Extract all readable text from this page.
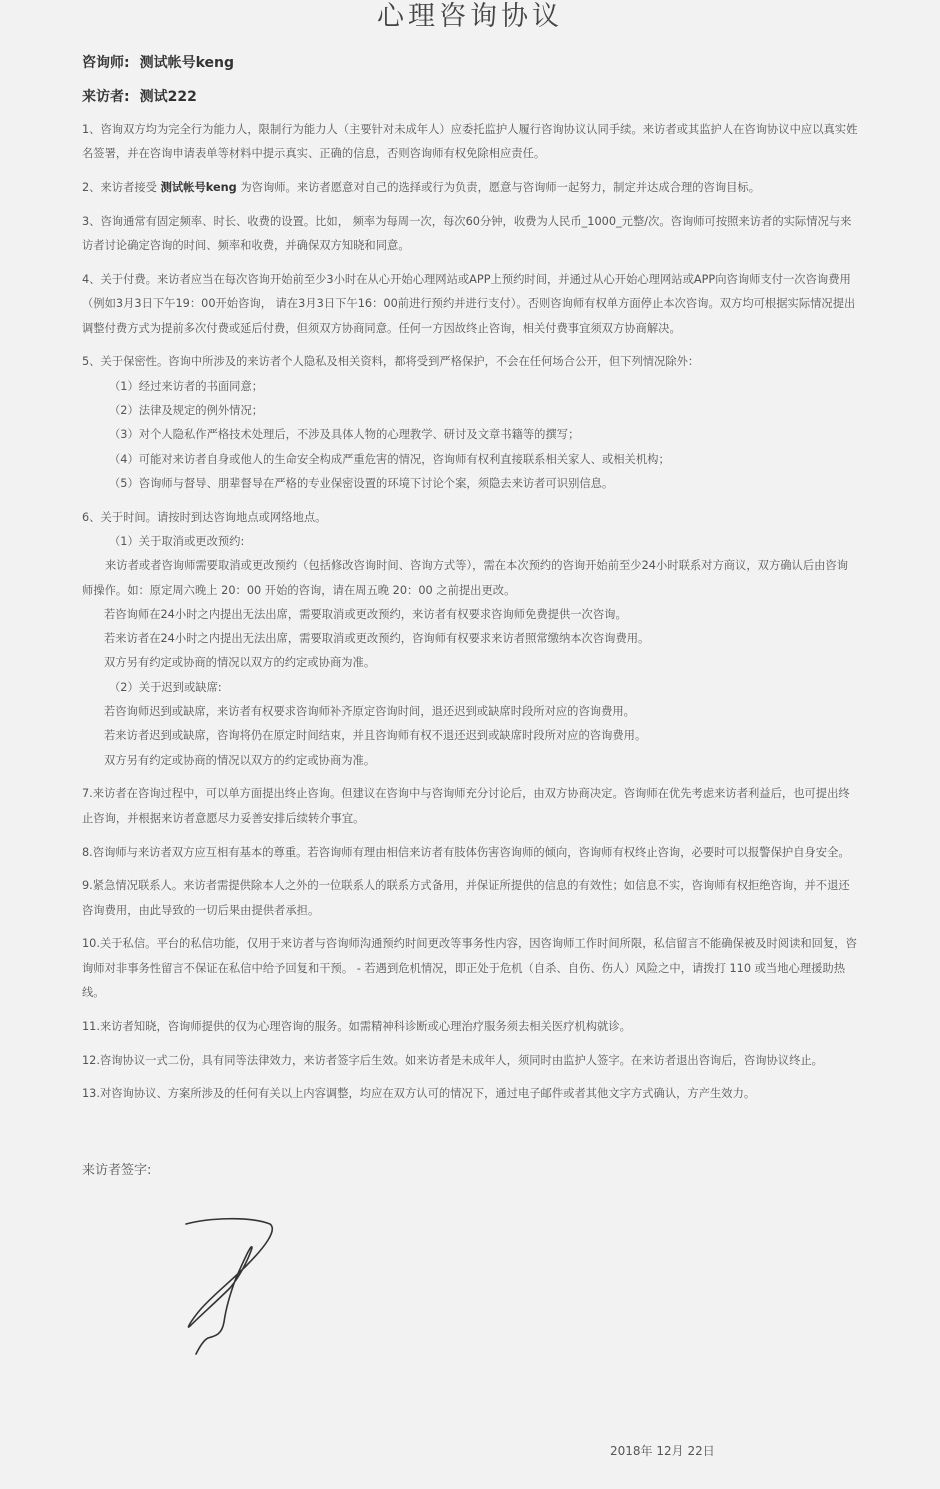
心理咨询协议
咨询师: 测试帐号keng
来访者: 测试222

1、咨询双方均为完全行为能力人，限制行为能力人（主要针对未成年人）应委托监护人履行咨询协议认同手续。来访者或其监护人在咨询协议中应以真实姓名签署，并在咨询申请表单等材料中提示真实、正确的信息，否则咨询师有权免除相应责任。

2、来访者接受 测试帐号keng 为咨询师。来访者愿意对自己的选择或行为负责，愿意与咨询师一起努力，制定并达成合理的咨询目标。

3、咨询通常有固定频率、时长、收费的设置。比如， 频率为每周一次，每次60分钟，收费为人民币_1000_元整/次。咨询师可按照来访者的实际情况与来访者讨论确定咨询的时间、频率和收费，并确保双方知晓和同意。

4、关于付费。来访者应当在每次咨询开始前至少3小时在从心开始心理网站或APP上预约时间，并通过从心开始心理网站或APP向咨询师支付一次咨询费用（例如3月3日下午19：00开始咨询， 请在3月3日下午16：00前进行预约并进行支付）。否则咨询师有权单方面停止本次咨询。双方均可根据实际情况提出调整付费方式为提前多次付费或延后付费，但须双方协商同意。任何一方因故终止咨询，相关付费事宜须双方协商解决。

5、关于保密性。咨询中所涉及的来访者个人隐私及相关资料，都将受到严格保护，不会在任何场合公开，但下列情况除外：

（1）经过来访者的书面同意；

（2）法律及规定的例外情况；

（3）对个人隐私作严格技术处理后，不涉及具体人物的心理教学、研讨及文章书籍等的撰写；

（4）可能对来访者自身或他人的生命安全构成严重危害的情况，咨询师有权利直接联系相关家人、或相关机构；

（5）咨询师与督导、朋辈督导在严格的专业保密设置的环境下讨论个案，须隐去来访者可识别信息。

6、关于时间。请按时到达咨询地点或网络地点。

（1）关于取消或更改预约:

来访者或者咨询师需要取消或更改预约（包括修改咨询时间、咨询方式等），需在本次预约的咨询开始前至少24小时联系对方商议，双方确认后由咨询师操作。如：原定周六晚上 20：00 开始的咨询，请在周五晚 20：00 之前提出更改。

若咨询师在24小时之内提出无法出席，需要取消或更改预约，来访者有权要求咨询师免费提供一次咨询。

若来访者在24小时之内提出无法出席，需要取消或更改预约，咨询师有权要求来访者照常缴纳本次咨询费用。

双方另有约定或协商的情况以双方的约定或协商为准。

（2）关于迟到或缺席:

若咨询师迟到或缺席，来访者有权要求咨询师补齐原定咨询时间，退还迟到或缺席时段所对应的咨询费用。

若来访者迟到或缺席，咨询将仍在原定时间结束，并且咨询师有权不退还迟到或缺席时段所对应的咨询费用。

双方另有约定或协商的情况以双方的约定或协商为准。

7.来访者在咨询过程中，可以单方面提出终止咨询。但建议在咨询中与咨询师充分讨论后，由双方协商决定。咨询师在优先考虑来访者利益后，也可提出终止咨询，并根据来访者意愿尽力妥善安排后续转介事宜。

8.咨询师与来访者双方应互相有基本的尊重。若咨询师有理由相信来访者有肢体伤害咨询师的倾向，咨询师有权终止咨询，必要时可以报警保护自身安全。

9.紧急情况联系人。来访者需提供除本人之外的一位联系人的联系方式备用，并保证所提供的信息的有效性；如信息不实，咨询师有权拒绝咨询，并不退还咨询费用，由此导致的一切后果由提供者承担。

10.关于私信。平台的私信功能，仅用于来访者与咨询师沟通预约时间更改等事务性内容，因咨询师工作时间所限，私信留言不能确保被及时阅读和回复，咨询师对非事务性留言不保证在私信中给予回复和干预。 - 若遇到危机情况，即正处于危机（自杀、自伤、伤人）风险之中，请拨打 110 或当地心理援助热线。

11.来访者知晓，咨询师提供的仅为心理咨询的服务。如需精神科诊断或心理治疗服务须去相关医疗机构就诊。

12.咨询协议一式二份，具有同等法律效力，来访者签字后生效。如来访者是未成年人，须同时由监护人签字。在来访者退出咨询后，咨询协议终止。

13.对咨询协议、方案所涉及的任何有关以上内容调整，均应在双方认可的情况下，通过电子邮件或者其他文字方式确认，方产生效力。

来访者签字:
2018年 12月 22日
